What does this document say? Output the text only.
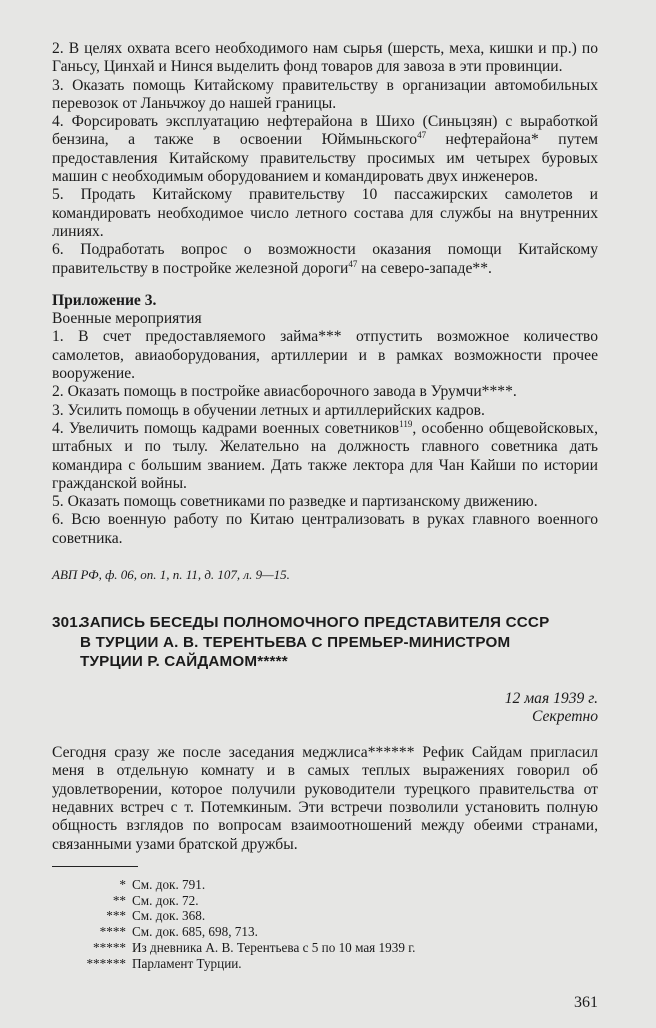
2. В целях охвата всего необходимого нам сырья (шерсть, меха, кишки и пр.) по Ганьсу, Цинхай и Нинся выделить фонд товаров для завоза в эти провинции.

3. Оказать помощь Китайскому правительству в организации автомобильных перевозок от Ланьчжоу до нашей границы.

4. Форсировать эксплуатацию нефтерайона в Шихо (Синьцзян) с выработкой бензина, а также в освоении Юймыньского$^{47}$ нефтерайона* путем предоставления Китайскому правительству просимых им четырех буровых машин с необходимым оборудованием и командировать двух инженеров.

5. Продать Китайскому правительству 10 пассажирских самолетов и командировать необходимое число летного состава для службы на внутренних линиях.

6. Подработать вопрос о возможности оказания помощи Китайскому правительству в постройке железной дороги$^{47}$ на северо-западе**.

Приложение 3.

Военные мероприятия

1. В счет предоставляемого займа*** отпустить возможное количество самолетов, авиаоборудования, артиллерии и в рамках возможности прочее вооружение.

2. Оказать помощь в постройке авиасборочного завода в Урумчи****.

3. Усилить помощь в обучении летных и артиллерийских кадров.

4. Увеличить помощь кадрами военных советников$^{119}$, особенно общевойсковых, штабных и по тылу. Желательно на должность главного советника дать командира с большим званием. Дать также лектора для Чан Кайши по истории гражданской войны.

5. Оказать помощь советниками по разведке и партизанскому движению.

6. Всю военную работу по Китаю централизовать в руках главного военного советника.

АВП РФ, ф. 06, оп. 1, п. 11, д. 107, л. 9—15.

301.ЗАПИСЬ БЕСЕДЫ ПОЛНОМОЧНОГО ПРЕДСТАВИТЕЛЯ СССР
В ТУРЦИИ А. В. ТЕРЕНТЬЕВА С ПРЕМЬЕР-МИНИСТРОМ
ТУРЦИИ Р. САЙДАМОМ*****
12 мая 1939 г.
Секретно

Сегодня сразу же после заседания меджлиса****** Рефик Сайдам пригласил меня в отдельную комнату и в самых теплых выражениях говорил об удовлетворении, которое получили руководители турецкого правительства от недавних встреч с т. Потемкиным. Эти встречи позволили установить полную общность взглядов по вопросам взаимоотношений между обеими странами, связанными узами братской дружбы.

* См. док. 791.
** См. док. 72.
*** См. док. 368.
**** См. док. 685, 698, 713.
***** Из дневника А. В. Терентьева с 5 по 10 мая 1939 г.
****** Парламент Турции.
361
